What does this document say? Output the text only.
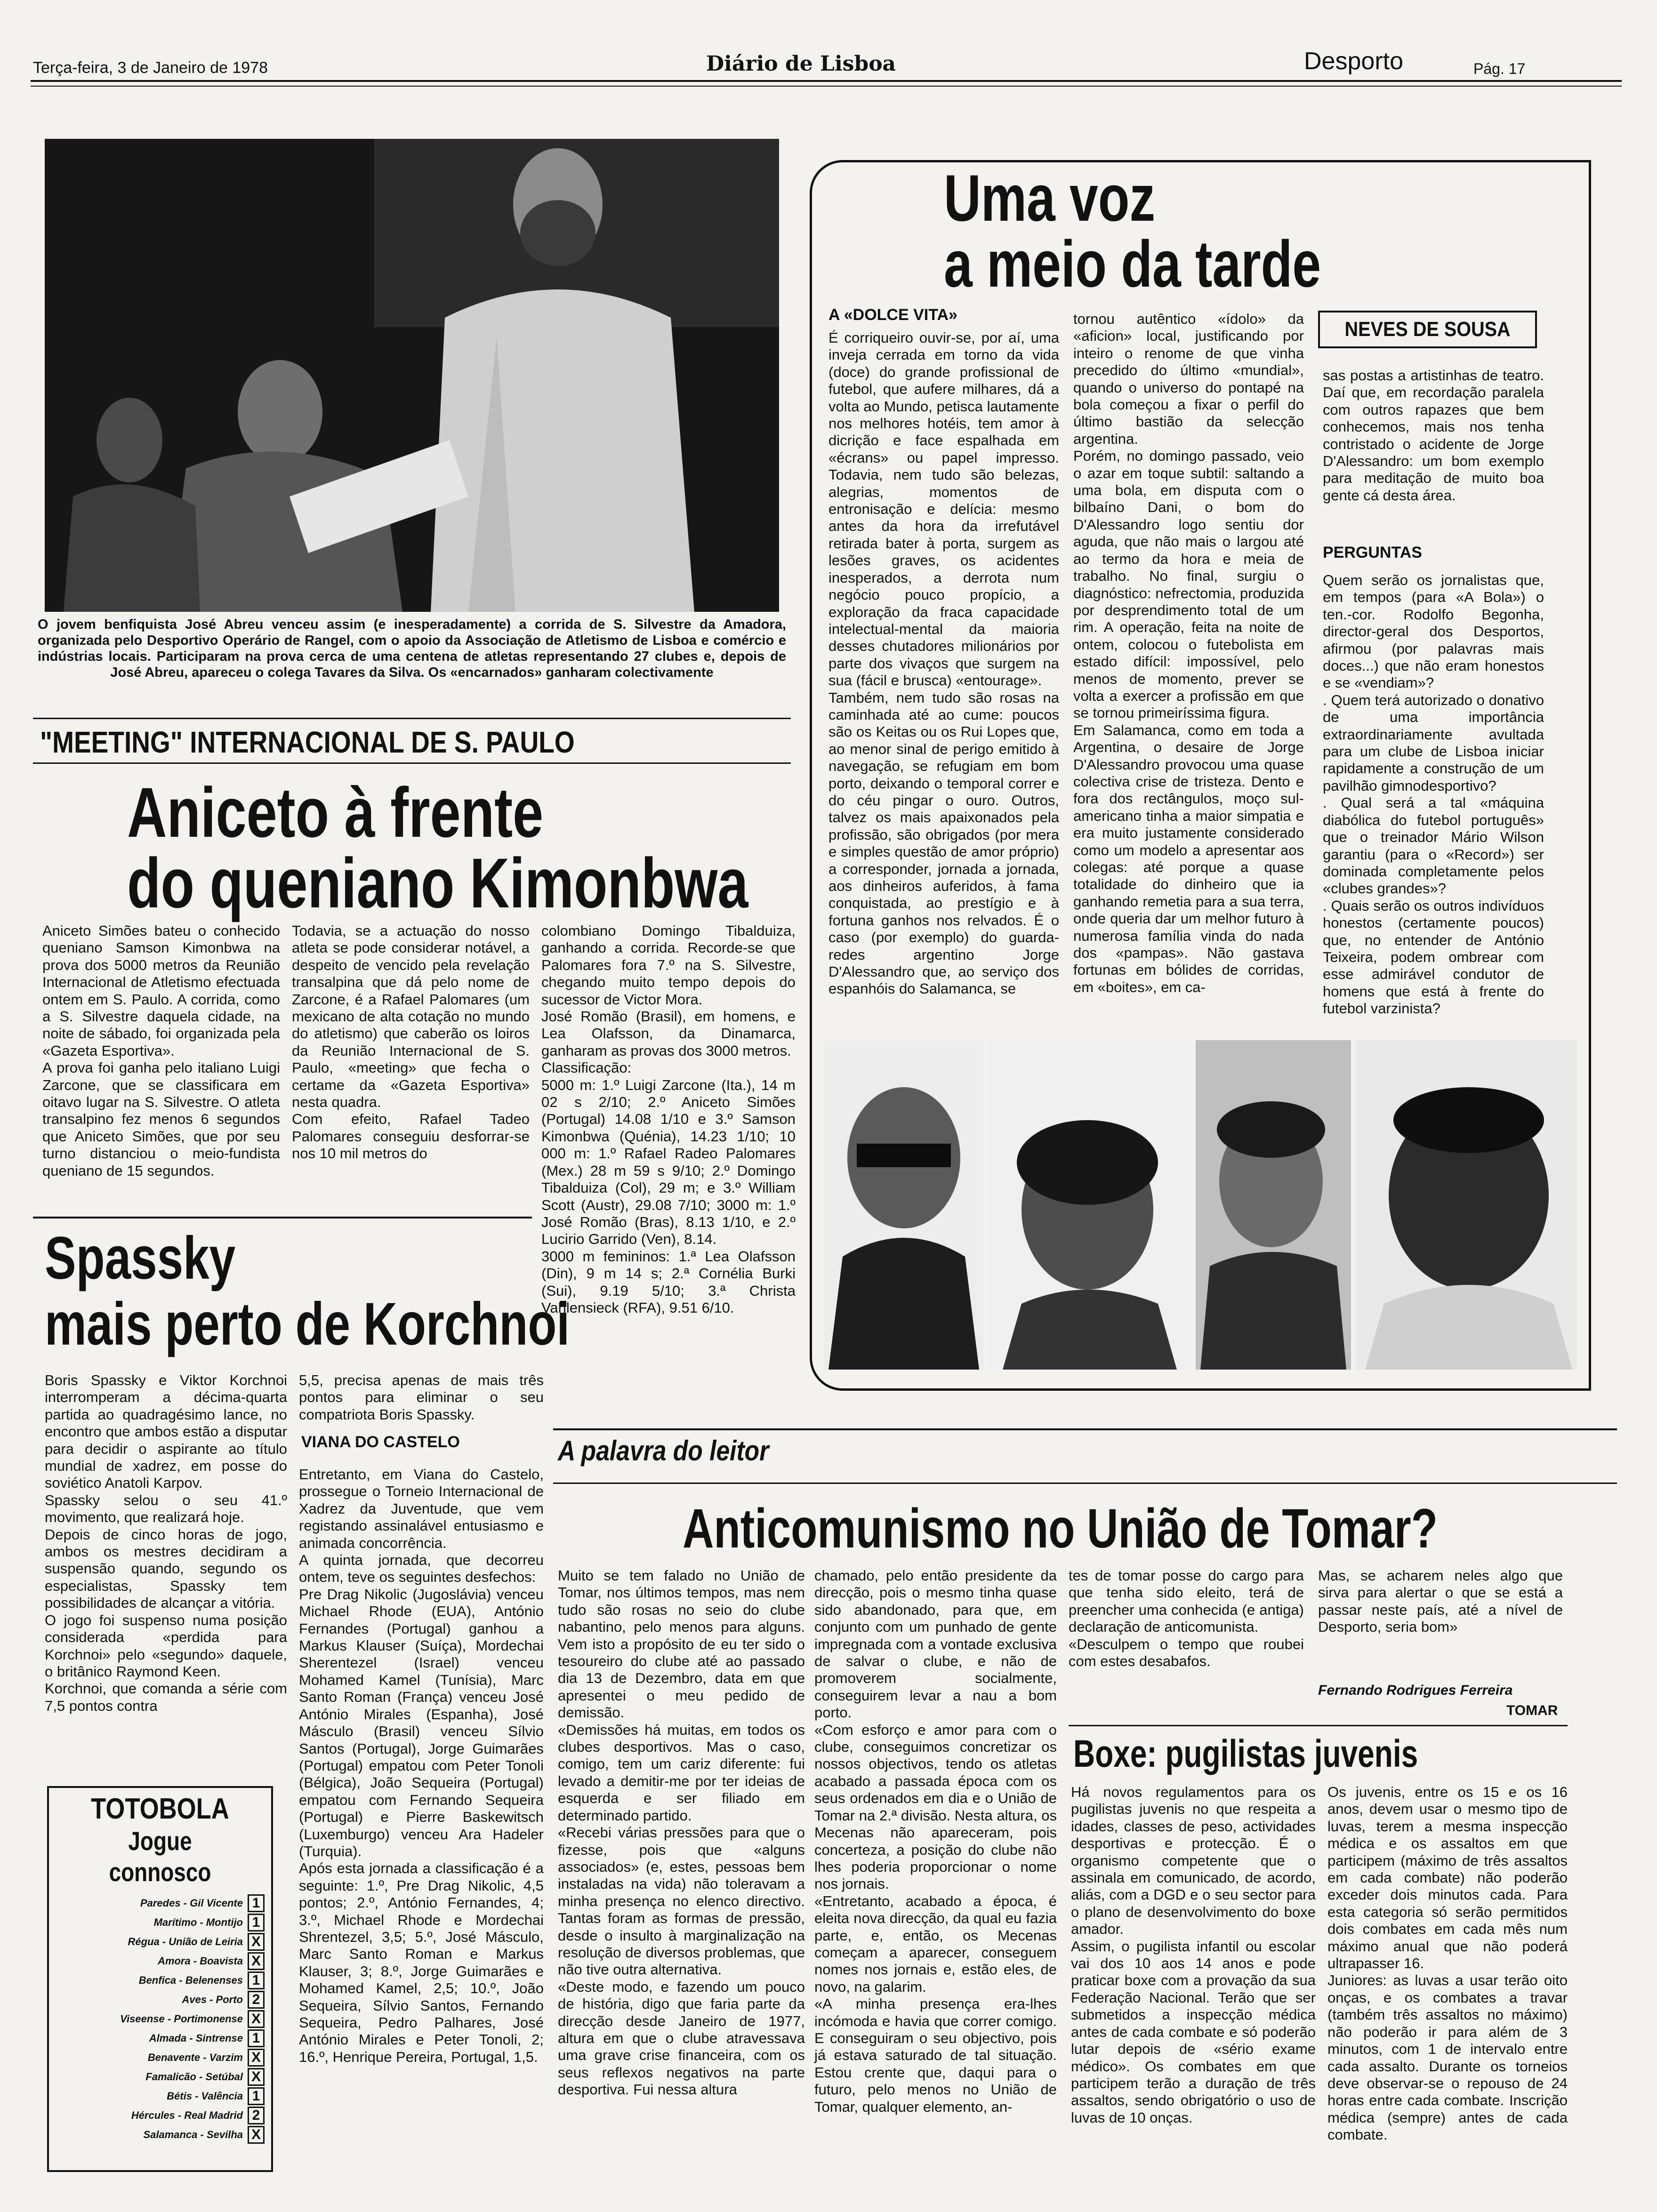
Terça-feira, 3 de Janeiro de 1978	Diário de Lisboa	Desporto	Pág. 17
O jovem benfiquista José Abreu venceu assim (e inesperadamente) a corrida de S. Silvestre da Amadora, organizada pelo Desportivo Operário de Rangel, com o apoio da Associação de Atletismo de Lisboa e comércio e indústrias locais. Participaram na prova cerca de uma centena de atletas representando 27 clubes e, depois de José Abreu, apareceu o colega Tavares da Silva. Os «encarnados» ganharam colectivamente
"MEETING" INTERNACIONAL DE S. PAULO
Aniceto à frente
do queniano Kimonbwa
Aniceto Simões bateu o conhecido queniano Samson Kimonbwa na prova dos 5000 metros da Reunião Internacional de Atletismo efectuada ontem em S. Paulo. A corrida, como a S. Silvestre daquela cidade, na noite de sábado, foi organizada pela «Gazeta Esportiva».
A prova foi ganha pelo italiano Luigi Zarcone, que se classificara em oitavo lugar na S. Silvestre. O atleta transalpino fez menos 6 segundos que Aniceto Simões, que por seu turno distanciou o meio-fundista queniano de 15 segundos.
Todavia, se a actuação do nosso atleta se pode considerar notável, a despeito de vencido pela revelação transalpina que dá pelo nome de Zarcone, é a Rafael Palomares (um mexicano de alta cotação no mundo do atletismo) que caberão os loiros da Reunião Internacional de S. Paulo, «meeting» que fecha o certame da «Gazeta Esportiva» nesta quadra.
Com efeito, Rafael Tadeo Palomares conseguiu desforrar-se nos 10 mil metros do
colombiano Domingo Tibalduiza, ganhando a corrida. Recorde-se que Palomares fora 7.º na S. Silvestre, chegando muito tempo depois do sucessor de Victor Mora.
José Romão (Brasil), em homens, e Lea Olafsson, da Dinamarca, ganharam as provas dos 3000 metros.
Classificação:
5000 m: 1.º Luigi Zarcone (Ita.), 14 m 02 s 2/10; 2.º Aniceto Simões (Portugal) 14.08 1/10 e 3.º Samson Kimonbwa (Quénia), 14.23 1/10; 10 000 m: 1.º Rafael Radeo Palomares (Mex.) 28 m 59 s 9/10; 2.º Domingo Tibalduiza (Col), 29 m; e 3.º William Scott (Austr), 29.08 7/10; 3000 m: 1.º José Romão (Bras), 8.13 1/10, e 2.º Lucirio Garrido (Ven), 8.14.
3000 m femininos: 1.ª Lea Olafsson (Din), 9 m 14 s; 2.ª Cornélia Burki (Sui), 9.19 5/10; 3.ª Christa Vahlensieck (RFA), 9.51 6/10.
Spassky
mais perto de Korchnoi
Boris Spassky e Viktor Korchnoi interromperam a décima-quarta partida ao quadragésimo lance, no encontro que ambos estão a disputar para decidir o aspirante ao título mundial de xadrez, em posse do soviético Anatoli Karpov.
Spassky selou o seu 41.º movimento, que realizará hoje.
Depois de cinco horas de jogo, ambos os mestres decidiram a suspensão quando, segundo os especialistas, Spassky tem possibilidades de alcançar a vitória.
O jogo foi suspenso numa posição considerada «perdida para Korchnoi» pelo «segundo» daquele, o britânico Raymond Keen.
Korchnoi, que comanda a série com 7,5 pontos contra
5,5, precisa apenas de mais três pontos para eliminar o seu compatriota Boris Spassky.
VIANA DO CASTELO
Entretanto, em Viana do Castelo, prossegue o Torneio Internacional de Xadrez da Juventude, que vem registando assinalável entusiasmo e animada concorrência.
A quinta jornada, que decorreu ontem, teve os seguintes desfechos:
Pre Drag Nikolic (Jugoslávia) venceu Michael Rhode (EUA), António Fernandes (Portugal) ganhou a Markus Klauser (Suíça), Mordechai Sherentezel (Israel) venceu Mohamed Kamel (Tunísia), Marc Santo Roman (França) venceu José António Mirales (Espanha), José Másculo (Brasil) venceu Sílvio Santos (Portugal), Jorge Guimarães (Portugal) empatou com Peter Tonoli (Bélgica), João Sequeira (Portugal) empatou com Fernando Sequeira (Portugal) e Pierre Baskewitsch (Luxemburgo) venceu Ara Hadeler (Turquia).
Após esta jornada a classificação é a seguinte: 1.º, Pre Drag Nikolic, 4,5 pontos; 2.º, António Fernandes, 4; 3.º, Michael Rhode e Mordechai Shrentezel, 3,5; 5.º, José Másculo, Marc Santo Roman e Markus Klauser, 3; 8.º, Jorge Guimarães e Mohamed Kamel, 2,5; 10.º, João Sequeira, Sílvio Santos, Fernando Sequeira, Pedro Palhares, José António Mirales e Peter Tonoli, 2; 16.º, Henrique Pereira, Portugal, 1,5.
TOTOBOLA
Jogue connosco
Paredes - Gil Vicente 1
Marítimo - Montijo 1
Régua - União de Leiria X
Amora - Boavista X
Benfica - Belenenses 1
Aves - Porto 2
Viseense - Portimonense X
Almada - Sintrense 1
Benavente - Varzim X
Famalicão - Setúbal X
Bétis - Valência 1
Hércules - Real Madrid 2
Salamanca - Sevilha X
Uma voz
a meio da tarde
NEVES DE SOUSA
A «DOLCE VITA»
É corriqueiro ouvir-se, por aí, uma inveja cerrada em torno da vida (doce) do grande profissional de futebol, que aufere milhares, dá a volta ao Mundo, petisca lautamente nos melhores hotéis, tem amor à dicrição e face espalhada em «écrans» ou papel impresso. Todavia, nem tudo são belezas, alegrias, momentos de entronisação e delícia: mesmo antes da hora da irrefutável retirada bater à porta, surgem as lesões graves, os acidentes inesperados, a derrota num negócio pouco propício, a exploração da fraca capacidade intelectual-mental da maioria desses chutadores milionários por parte dos vivaços que surgem na sua (fácil e brusca) «entourage».
Também, nem tudo são rosas na caminhada até ao cume: poucos são os Keitas ou os Rui Lopes que, ao menor sinal de perigo emitido à navegação, se refugiam em bom porto, deixando o temporal correr e do céu pingar o ouro. Outros, talvez os mais apaixonados pela profissão, são obrigados (por mera e simples questão de amor próprio) a corresponder, jornada a jornada, aos dinheiros auferidos, à fama conquistada, ao prestígio e à fortuna ganhos nos relvados. É o caso (por exemplo) do guarda-redes argentino Jorge D'Alessandro que, ao serviço dos espanhóis do Salamanca, se
tornou autêntico «ídolo» da «aficion» local, justificando por inteiro o renome de que vinha precedido do último «mundial», quando o universo do pontapé na bola começou a fixar o perfil do último bastião da selecção argentina.
Porém, no domingo passado, veio o azar em toque subtil: saltando a uma bola, em disputa com o bilbaíno Dani, o bom do D'Alessandro logo sentiu dor aguda, que não mais o largou até ao termo da hora e meia de trabalho. No final, surgiu o diagnóstico: nefrectomia, produzida por desprendimento total de um rim. A operação, feita na noite de ontem, colocou o futebolista em estado difícil: impossível, pelo menos de momento, prever se volta a exercer a profissão em que se tornou primeiríssima figura.
Em Salamanca, como em toda a Argentina, o desaire de Jorge D'Alessandro provocou uma quase colectiva crise de tristeza. Dento e fora dos rectângulos, moço sul-americano tinha a maior simpatia e era muito justamente considerado como um modelo a apresentar aos colegas: até porque a quase totalidade do dinheiro que ia ganhando remetia para a sua terra, onde queria dar um melhor futuro à numerosa família vinda do nada dos «pampas». Não gastava fortunas em bólides de corridas, em «boites», em ca-
sas postas a artistinhas de teatro. Daí que, em recordação paralela com outros rapazes que bem conhecemos, mais nos tenha contristado o acidente de Jorge D'Alessandro: um bom exemplo para meditação de muito boa gente cá desta área.
PERGUNTAS
Quem serão os jornalistas que, em tempos (para «A Bola») o ten.-cor. Rodolfo Begonha, director-geral dos Desportos, afirmou (por palavras mais doces...) que não eram honestos e se «vendiam»?
. Quem terá autorizado o donativo de uma importância extraordinariamente avultada para um clube de Lisboa iniciar rapidamente a construção de um pavilhão gimnodesportivo?
. Qual será a tal «máquina diabólica do futebol português» que o treinador Mário Wilson garantiu (para o «Record») ser dominada completamente pelos «clubes grandes»?
. Quais serão os outros indivíduos honestos (certamente poucos) que, no entender de António Teixeira, podem ombrear com esse admirável condutor de homens que está à frente do futebol varzinista?
A palavra do leitor
Anticomunismo no União de Tomar?
Muito se tem falado no União de Tomar, nos últimos tempos, mas nem tudo são rosas no seio do clube nabantino, pelo menos para alguns. Vem isto a propósito de eu ter sido o tesoureiro do clube até ao passado dia 13 de Dezembro, data em que apresentei o meu pedido de demissão.
«Demissões há muitas, em todos os clubes desportivos. Mas o caso, comigo, tem um cariz diferente: fui levado a demitir-me por ter ideias de esquerda e ser filiado em determinado partido.
«Recebi várias pressões para que o fizesse, pois que «alguns associados» (e, estes, pessoas bem instaladas na vida) não toleravam a minha presença no elenco directivo. Tantas foram as formas de pressão, desde o insulto à marginalização na resolução de diversos problemas, que não tive outra alternativa.
«Deste modo, e fazendo um pouco de história, digo que faria parte da direcção desde Janeiro de 1977, altura em que o clube atravessava uma grave crise financeira, com os seus reflexos negativos na parte desportiva. Fui nessa altura
chamado, pelo então presidente da direcção, pois o mesmo tinha quase sido abandonado, para que, em conjunto com um punhado de gente impregnada com a vontade exclusiva de salvar o clube, e não de promoverem socialmente, conseguirem levar a nau a bom porto.
«Com esforço e amor para com o clube, conseguimos concretizar os nossos objectivos, tendo os atletas acabado a passada época com os seus ordenados em dia e o União de Tomar na 2.ª divisão. Nesta altura, os Mecenas não apareceram, pois concerteza, a posição do clube não lhes poderia proporcionar o nome nos jornais.
«Entretanto, acabado a época, é eleita nova direcção, da qual eu fazia parte, e, então, os Mecenas começam a aparecer, conseguem nomes nos jornais e, estão eles, de novo, na galarim.
«A minha presença era-lhes incómoda e havia que correr comigo. E conseguiram o seu objectivo, pois já estava saturado de tal situação. Estou crente que, daqui para o futuro, pelo menos no União de Tomar, qualquer elemento, an-
tes de tomar posse do cargo para que tenha sido eleito, terá de preencher uma conhecida (e antiga) declaração de anticomunista.
«Desculpem o tempo que roubei com estes desabafos.
Mas, se acharem neles algo que sirva para alertar o que se está a passar neste país, até a nível de Desporto, seria bom»
Fernando Rodrigues Ferreira
TOMAR
Boxe: pugilistas juvenis
Há novos regulamentos para os pugilistas juvenis no que respeita a idades, classes de peso, actividades desportivas e protecção. É o organismo competente que o assinala em comunicado, de acordo, aliás, com a DGD e o seu sector para o plano de desenvolvimento do boxe amador.
Assim, o pugilista infantil ou escolar vai dos 10 aos 14 anos e pode praticar boxe com a provação da sua Federação Nacional. Terão que ser submetidos a inspecção médica antes de cada combate e só poderão lutar depois de «sério exame médico». Os combates em que participem terão a duração de três assaltos, sendo obrigatório o uso de luvas de 10 onças.
Os juvenis, entre os 15 e os 16 anos, devem usar o mesmo tipo de luvas, terem a mesma inspecção médica e os assaltos em que participem (máximo de três assaltos em cada combate) não poderão exceder dois minutos cada. Para esta categoria só serão permitidos dois combates em cada mês num máximo anual que não poderá ultrapasser 16.
Juniores: as luvas a usar terão oito onças, e os combates a travar (também três assaltos no máximo) não poderão ir para além de 3 minutos, com 1 de intervalo entre cada assalto. Durante os torneios deve observar-se o repouso de 24 horas entre cada combate. Inscrição médica (sempre) antes de cada combate.
